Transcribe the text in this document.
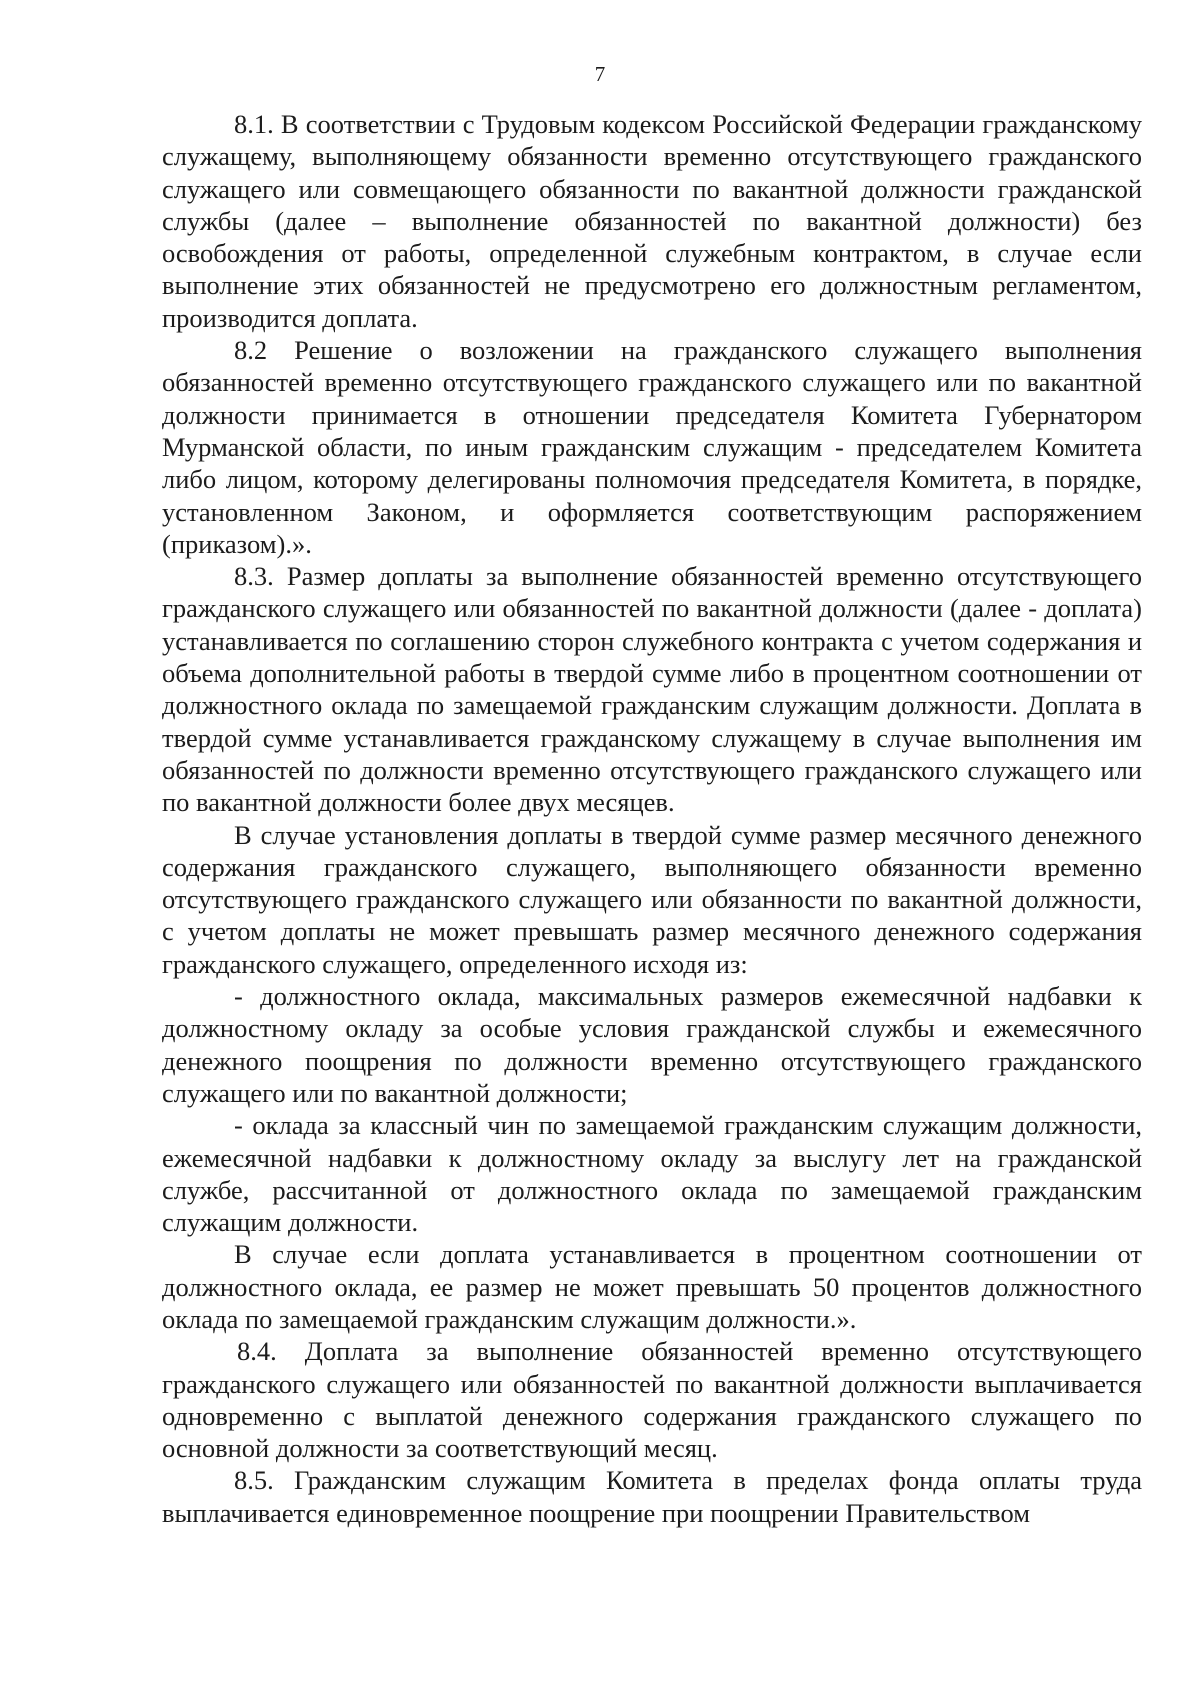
7

8.1. В соответствии с Трудовым кодексом Российской Федерации гражданскому служащему, выполняющему обязанности временно отсутствующего гражданского служащего или совмещающего обязанности по вакантной должности гражданской службы (далее – выполнение обязанностей по вакантной должности) без освобождения от работы, определенной служебным контрактом, в случае если выполнение этих обязанностей не предусмотрено его должностным регламентом, производится доплата.

8.2 Решение о возложении на гражданского служащего выполнения обязанностей временно отсутствующего гражданского служащего или по вакантной должности принимается в отношении председателя Комитета Губернатором Мурманской области, по иным гражданским служащим - председателем Комитета либо лицом, которому делегированы полномочия председателя Комитета, в порядке, установленном Законом, и оформляется соответствующим распоряжением (приказом).».

8.3. Размер доплаты за выполнение обязанностей временно отсутствующего гражданского служащего или обязанностей по вакантной должности (далее - доплата) устанавливается по соглашению сторон служебного контракта с учетом содержания и объема дополнительной работы в твердой сумме либо в процентном соотношении от должностного оклада по замещаемой гражданским служащим должности. Доплата в твердой сумме устанавливается гражданскому служащему в случае выполнения им обязанностей по должности временно отсутствующего гражданского служащего или по вакантной должности более двух месяцев.

В случае установления доплаты в твердой сумме размер месячного денежного содержания гражданского служащего, выполняющего обязанности временно отсутствующего гражданского служащего или обязанности по вакантной должности, с учетом доплаты не может превышать размер месячного денежного содержания гражданского служащего, определенного исходя из:

- должностного оклада, максимальных размеров ежемесячной надбавки к должностному окладу за особые условия гражданской службы и ежемесячного денежного поощрения по должности временно отсутствующего гражданского служащего или по вакантной должности;

- оклада за классный чин по замещаемой гражданским служащим должности, ежемесячной надбавки к должностному окладу за выслугу лет на гражданской службе, рассчитанной от должностного оклада по замещаемой гражданским служащим должности.

В случае если доплата устанавливается в процентном соотношении от должностного оклада, ее размер не может превышать 50 процентов должностного оклада по замещаемой гражданским служащим должности.».

8.4. Доплата за выполнение обязанностей временно отсутствующего гражданского служащего или обязанностей по вакантной должности выплачивается одновременно с выплатой денежного содержания гражданского служащего по основной должности за соответствующий месяц.

8.5. Гражданским служащим Комитета в пределах фонда оплаты труда выплачивается единовременное поощрение при поощрении Правительством
